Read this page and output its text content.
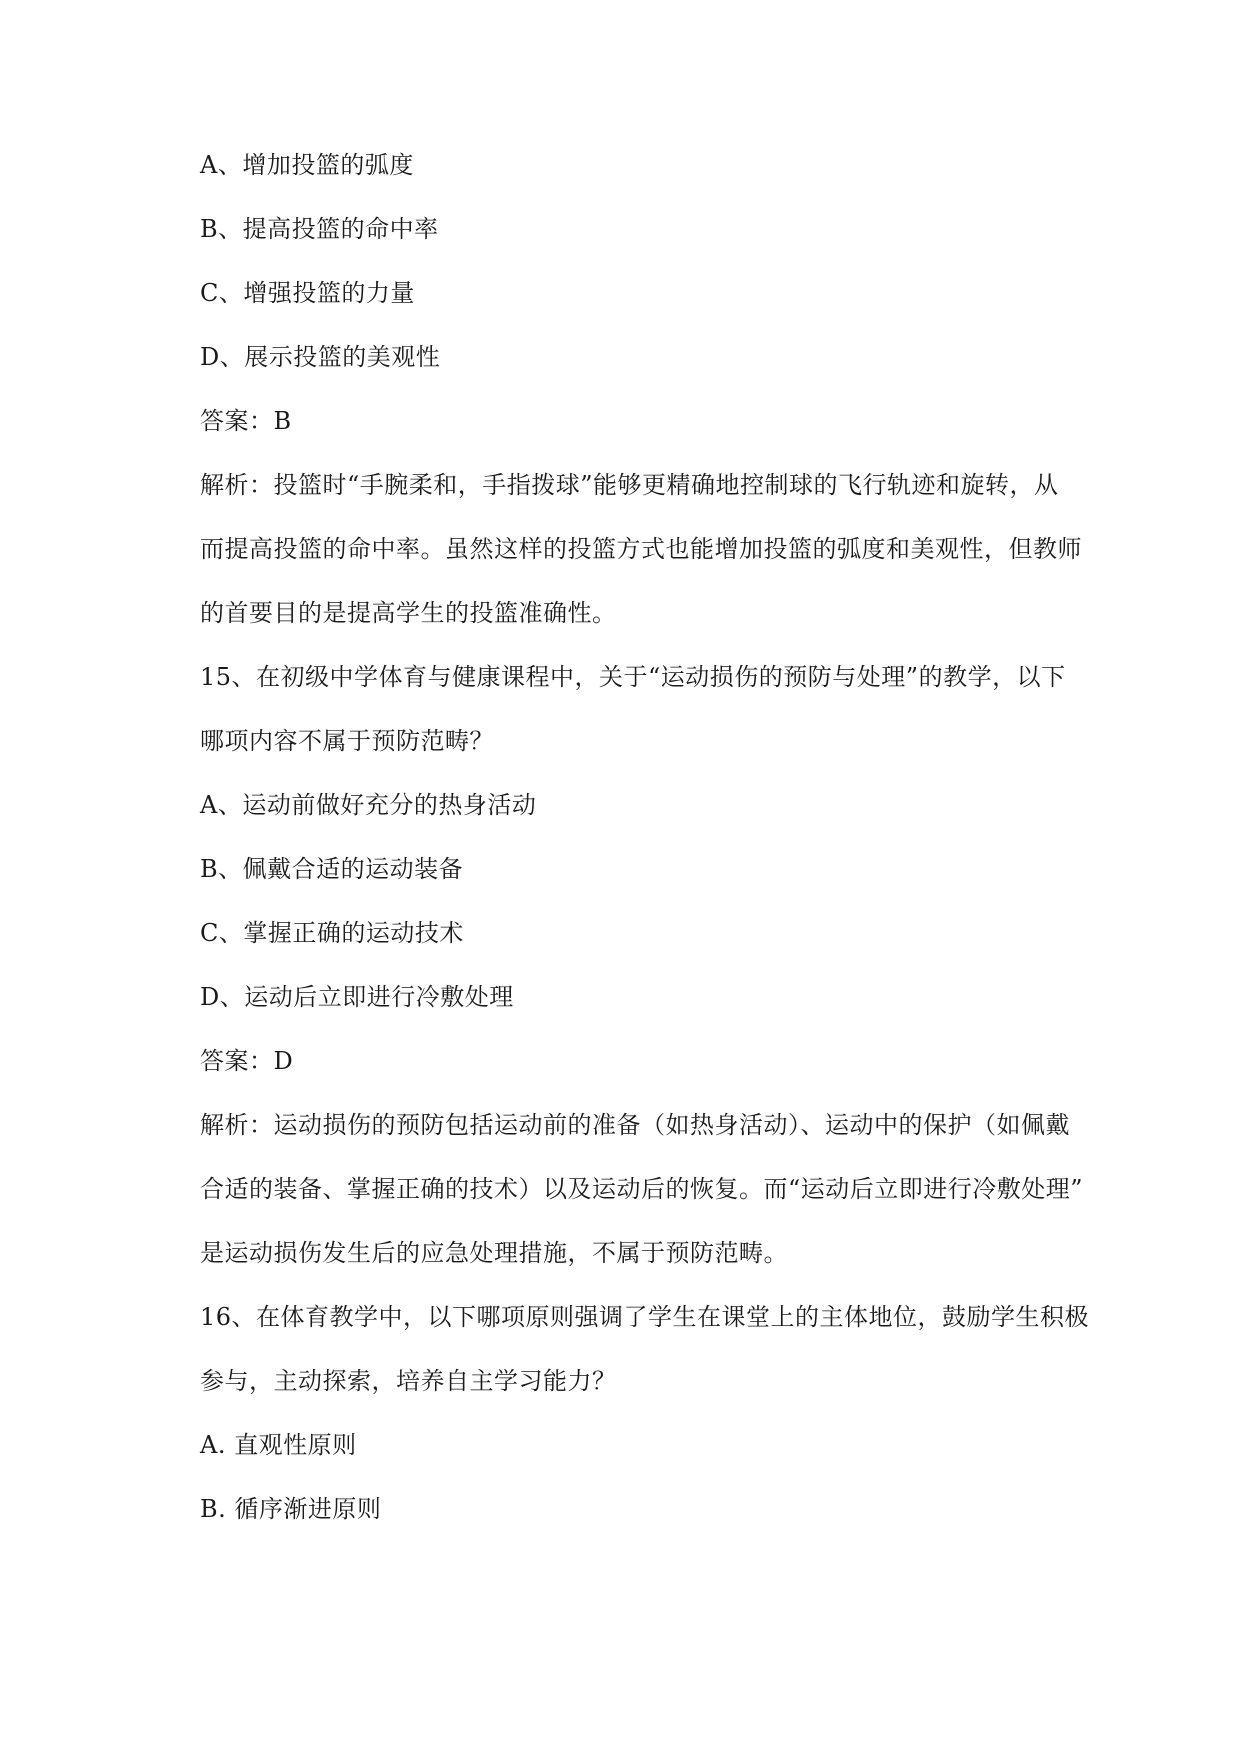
A、增加投篮的弧度
B、提高投篮的命中率
C、增强投篮的力量
D、展示投篮的美观性
答案：B
解析：投篮时“手腕柔和，手指拨球”能够更精确地控制球的飞行轨迹和旋转，从
而提高投篮的命中率。虽然这样的投篮方式也能增加投篮的弧度和美观性，但教师
的首要目的是提高学生的投篮准确性。
15、在初级中学体育与健康课程中，关于“运动损伤的预防与处理”的教学，以下
哪项内容不属于预防范畴？
A、运动前做好充分的热身活动
B、佩戴合适的运动装备
C、掌握正确的运动技术
D、运动后立即进行冷敷处理
答案：D
解析：运动损伤的预防包括运动前的准备（如热身活动）、运动中的保护（如佩戴
合适的装备、掌握正确的技术）以及运动后的恢复。而“运动后立即进行冷敷处理”
是运动损伤发生后的应急处理措施，不属于预防范畴。
16、在体育教学中，以下哪项原则强调了学生在课堂上的主体地位，鼓励学生积极
参与，主动探索，培养自主学习能力？
A. 直观性原则
B. 循序渐进原则
